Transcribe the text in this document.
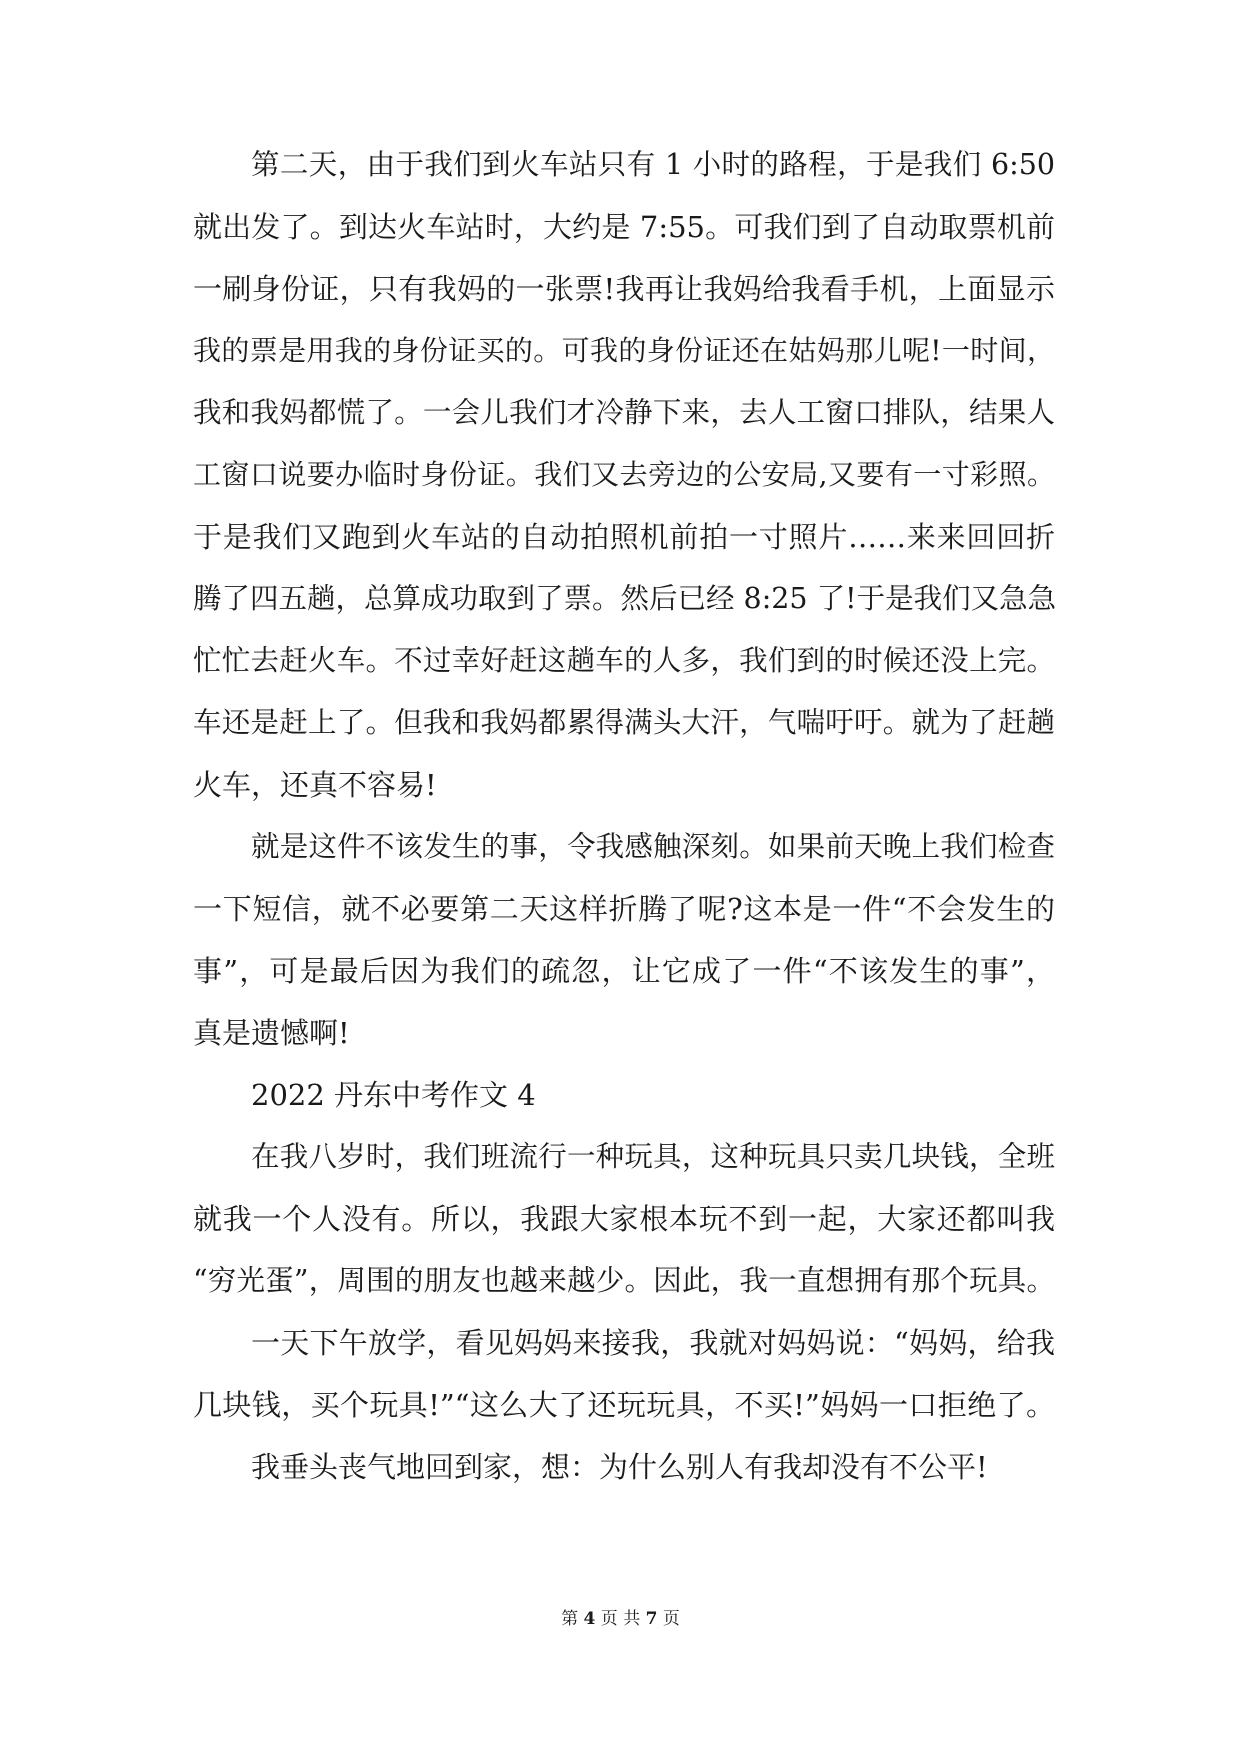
第二天，由于我们到火车站只有 1 小时的路程，于是我们 6:50
就出发了。到达火车站时，大约是 7:55。可我们到了自动取票机前
一刷身份证，只有我妈的一张票!我再让我妈给我看手机，上面显示
我的票是用我的身份证买的。可我的身份证还在姑妈那儿呢!一时间，
我和我妈都慌了。一会儿我们才冷静下来，去人工窗口排队，结果人
工窗口说要办临时身份证。我们又去旁边的公安局,又要有一寸彩照。
于是我们又跑到火车站的自动拍照机前拍一寸照片……来来回回折
腾了四五趟，总算成功取到了票。然后已经 8:25 了!于是我们又急急
忙忙去赶火车。不过幸好赶这趟车的人多，我们到的时候还没上完。
车还是赶上了。但我和我妈都累得满头大汗，气喘吁吁。就为了赶趟
火车，还真不容易!
就是这件不该发生的事，令我感触深刻。如果前天晚上我们检查
一下短信，就不必要第二天这样折腾了呢?这本是一件“不会发生的
事”，可是最后因为我们的疏忽，让它成了一件“不该发生的事”，
真是遗憾啊!
2022 丹东中考作文 4
在我八岁时，我们班流行一种玩具，这种玩具只卖几块钱，全班
就我一个人没有。所以，我跟大家根本玩不到一起，大家还都叫我
“穷光蛋”，周围的朋友也越来越少。因此，我一直想拥有那个玩具。
一天下午放学，看见妈妈来接我，我就对妈妈说：“妈妈，给我
几块钱，买个玩具!”“这么大了还玩玩具，不买!”妈妈一口拒绝了。
我垂头丧气地回到家，想：为什么别人有我却没有不公平!
第 4 页 共 7 页
